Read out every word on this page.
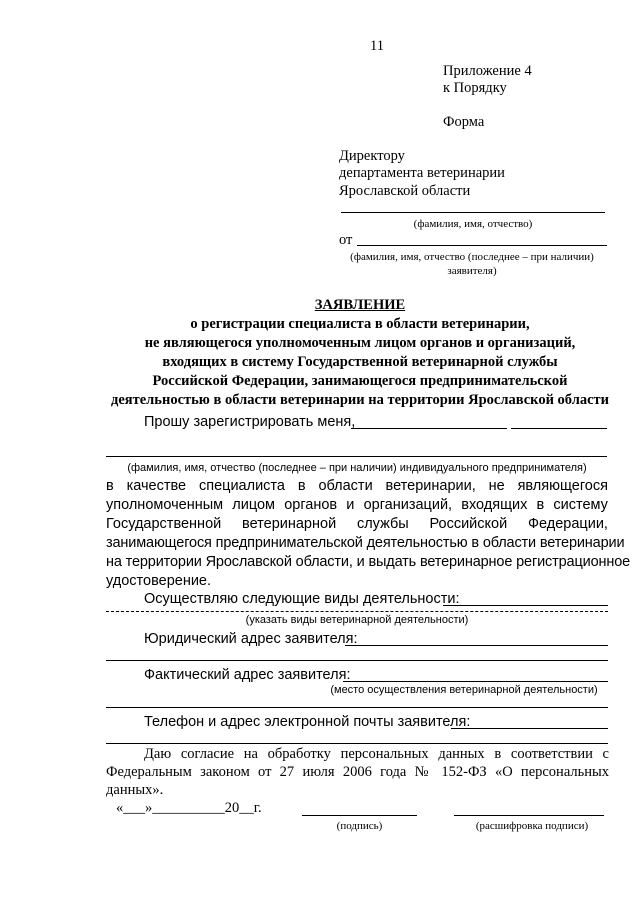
11
Приложение 4
к Порядку
Форма
Директору
департамента ветеринарии
Ярославской области
(фамилия, имя, отчество)
от
(фамилия, имя, отчество (последнее – при наличии)
заявителя)
ЗАЯВЛЕНИЕ
о регистрации специалиста в области ветеринарии,
не являющегося уполномоченным лицом органов и организаций,
входящих в систему Государственной ветеринарной службы
Российской Федерации, занимающегося предпринимательской
деятельностью в области ветеринарии на территории Ярославской области
Прошу зарегистрировать меня,
(фамилия, имя, отчество (последнее – при наличии) индивидуального предпринимателя)
в качестве специалиста в области ветеринарии, не являющегося
уполномоченным лицом органов и организаций, входящих в систему
Государственной ветеринарной службы Российской Федерации,
занимающегося предпринимательской деятельностью в области ветеринарии
на территории Ярославской области, и выдать ветеринарное регистрационное
удостоверение.
Осуществляю следующие виды деятельности:
(указать виды ветеринарной деятельности)
Юридический адрес заявителя:
Фактический адрес заявителя:
(место осуществления ветеринарной деятельности)
Телефон и адрес электронной почты заявителя:
Даю согласие на обработку персональных данных в соответствии с
Федеральным законом от 27 июля 2006 года № 152-ФЗ «О персональных
данных».
«___»__________20__г.
(подпись)	(расшифровка подписи)
